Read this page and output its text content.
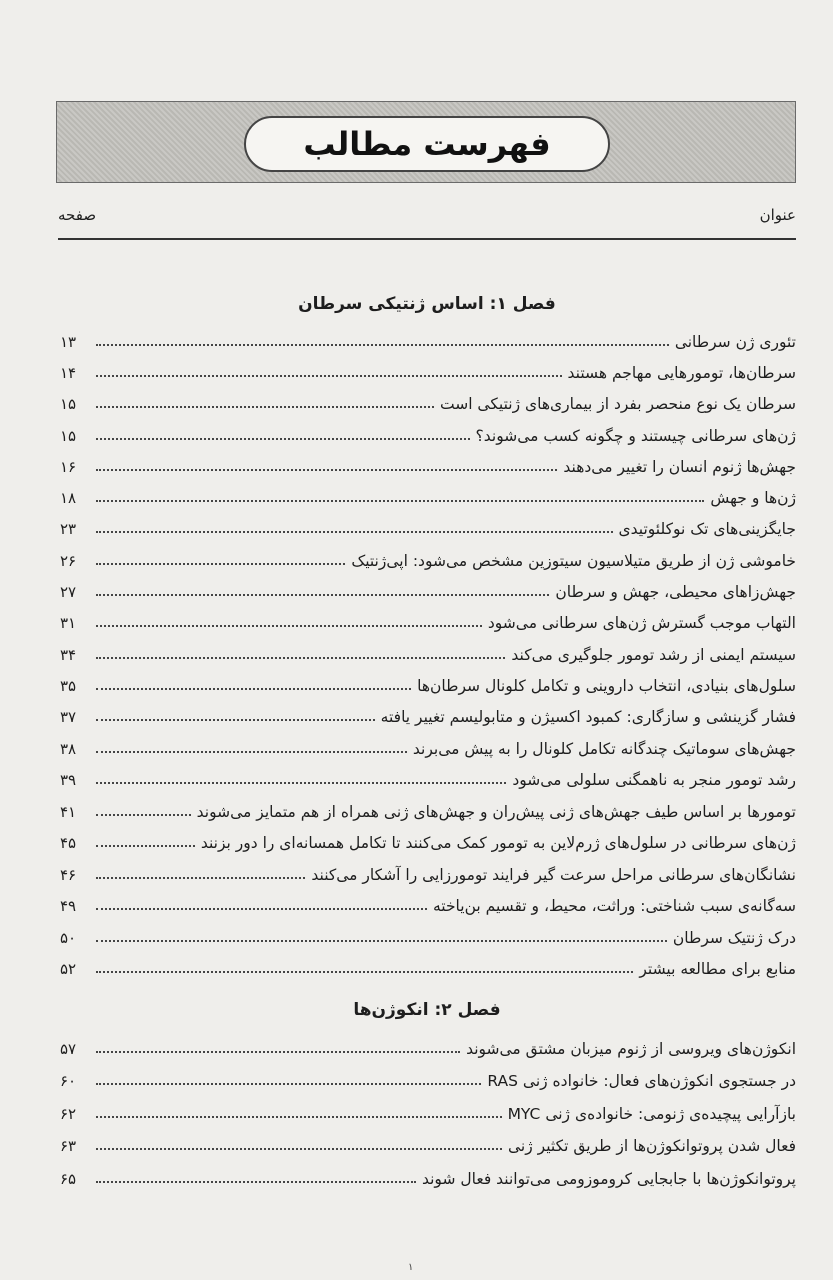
فهرست مطالب
عنوان
صفحه
فصل ۱: اساس ژنتیکی سرطان
تئوری ژن سرطانی
۱۳
سرطان‌ها، تومورهایی مهاجم هستند
۱۴
سرطان یک نوع منحصر بفرد از بیماری‌های ژنتیکی است
۱۵
ژن‌های سرطانی چیستند و چگونه کسب می‌شوند؟
۱۵
جهش‌ها ژنوم انسان را تغییر می‌دهند
۱۶
ژن‌ها و جهش
۱۸
جایگزینی‌های تک نوکلئوتیدی
۲۳
خاموشی ژن از طریق متیلاسیون سیتوزین مشخص می‌شود: اپی‌ژنتیک
۲۶
جهش‌زاهای محیطی، جهش و سرطان
۲۷
التهاب موجب گسترش ژن‌های سرطانی می‌شود
۳۱
سیستم ایمنی از رشد تومور جلوگیری می‌کند
۳۴
سلول‌های بنیادی، انتخاب داروینی و تکامل کلونال سرطان‌ها
۳۵
فشار گزینشی و سازگاری: کمبود اکسیژن و متابولیسم تغییر یافته
۳۷
جهش‌های سوماتیک چندگانه تکامل کلونال را به پیش می‌برند
۳۸
رشد تومور منجر به ناهمگنی سلولی می‌شود
۳۹
تومورها بر اساس طیف جهش‌های ژنی پیش‌ران و جهش‌های ژنی همراه از هم متمایز می‌شوند
۴۱
ژن‌های سرطانی در سلول‌های ژرم‌لاین به تومور کمک می‌کنند تا تکامل همسانه‌ای را دور بزنند
۴۵
نشانگان‌های سرطانی مراحل سرعت گیر فرایند تومورزایی را آشکار می‌کنند
۴۶
سه‌گانه‌ی سبب شناختی: وراثت، محیط، و تقسیم بن‌یاخته
۴۹
درک ژنتیک سرطان
۵۰
منابع برای مطالعه بیشتر
۵۲
فصل ۲: انکوژن‌ها
انکوژن‌های ویروسی از ژنوم میزبان مشتق می‌شوند
۵۷
در جستجوی انکوژن‌های فعال: خانواده ژنی RAS
۶۰
بازآرایی پیچیده‌ی ژنومی: خانواده‌ی ژنی MYC
۶۲
فعال شدن پروتوانکوژن‌ها از طریق تکثیر ژنی
۶۳
پروتوانکوژن‌ها با جابجایی کروموزومی می‌توانند فعال شوند
۶۵
۱
